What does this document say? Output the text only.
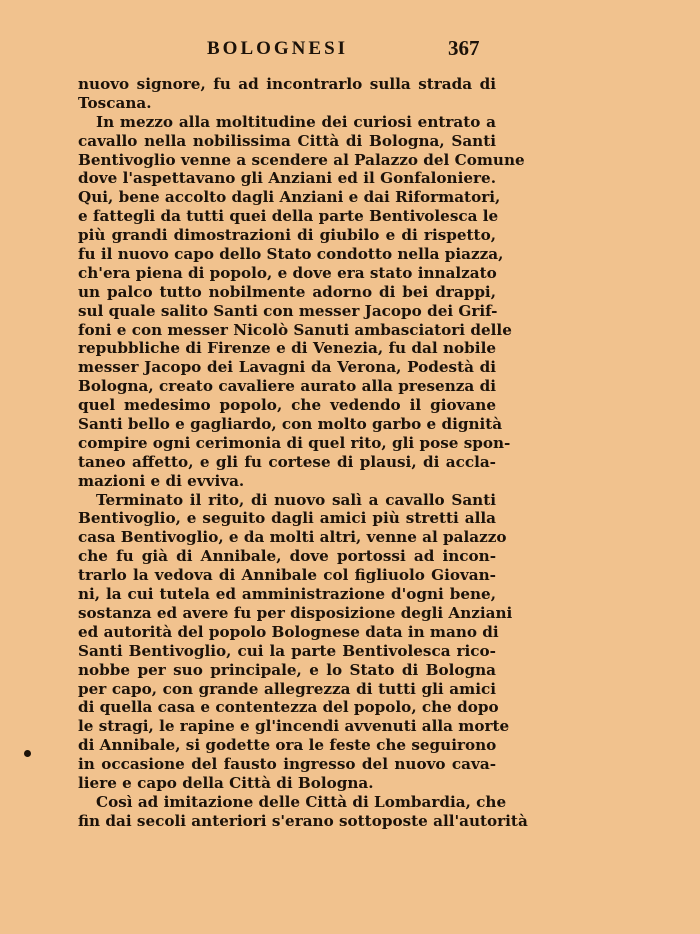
BOLOGNESI	367
nuovo signore, fu ad incontrarlo sulla strada di
Toscana.
In mezzo alla moltitudine dei curiosi entrato a
cavallo nella nobilissima Città di Bologna, Santi
Bentivoglio venne a scendere al Palazzo del Comune
dove l'aspettavano gli Anziani ed il Gonfaloniere.
Qui, bene accolto dagli Anziani e dai Riformatori,
e fattegli da tutti quei della parte Bentivolesca le
più grandi dimostrazioni di giubilo e di rispetto,
fu il nuovo capo dello Stato condotto nella piazza,
ch'era piena di popolo, e dove era stato innalzato
un palco tutto nobilmente adorno di bei drappi,
sul quale salito Santi con messer Jacopo dei Grif-
foni e con messer Nicolò Sanuti ambasciatori delle
repubbliche di Firenze e di Venezia, fu dal nobile
messer Jacopo dei Lavagni da Verona, Podestà di
Bologna, creato cavaliere aurato alla presenza di
quel medesimo popolo, che vedendo il giovane
Santi bello e gagliardo, con molto garbo e dignità
compire ogni cerimonia di quel rito, gli pose spon-
taneo affetto, e gli fu cortese di plausi, di accla-
mazioni e di evviva.
Terminato il rito, di nuovo salì a cavallo Santi
Bentivoglio, e seguito dagli amici più stretti alla
casa Bentivoglio, e da molti altri, venne al palazzo
che fu già di Annibale, dove portossi ad incon-
trarlo la vedova di Annibale col figliuolo Giovan-
ni, la cui tutela ed amministrazione d'ogni bene,
sostanza ed avere fu per disposizione degli Anziani
ed autorità del popolo Bolognese data in mano di
Santi Bentivoglio, cui la parte Bentivolesca rico-
nobbe per suo principale, e lo Stato di Bologna
per capo, con grande allegrezza di tutti gli amici
di quella casa e contentezza del popolo, che dopo
le stragi, le rapine e gl'incendi avvenuti alla morte
di Annibale, si godette ora le feste che seguirono
in occasione del fausto ingresso del nuovo cava-
liere e capo della Città di Bologna.
Così ad imitazione delle Città di Lombardia, che
fin dai secoli anteriori s'erano sottoposte all'autorità
